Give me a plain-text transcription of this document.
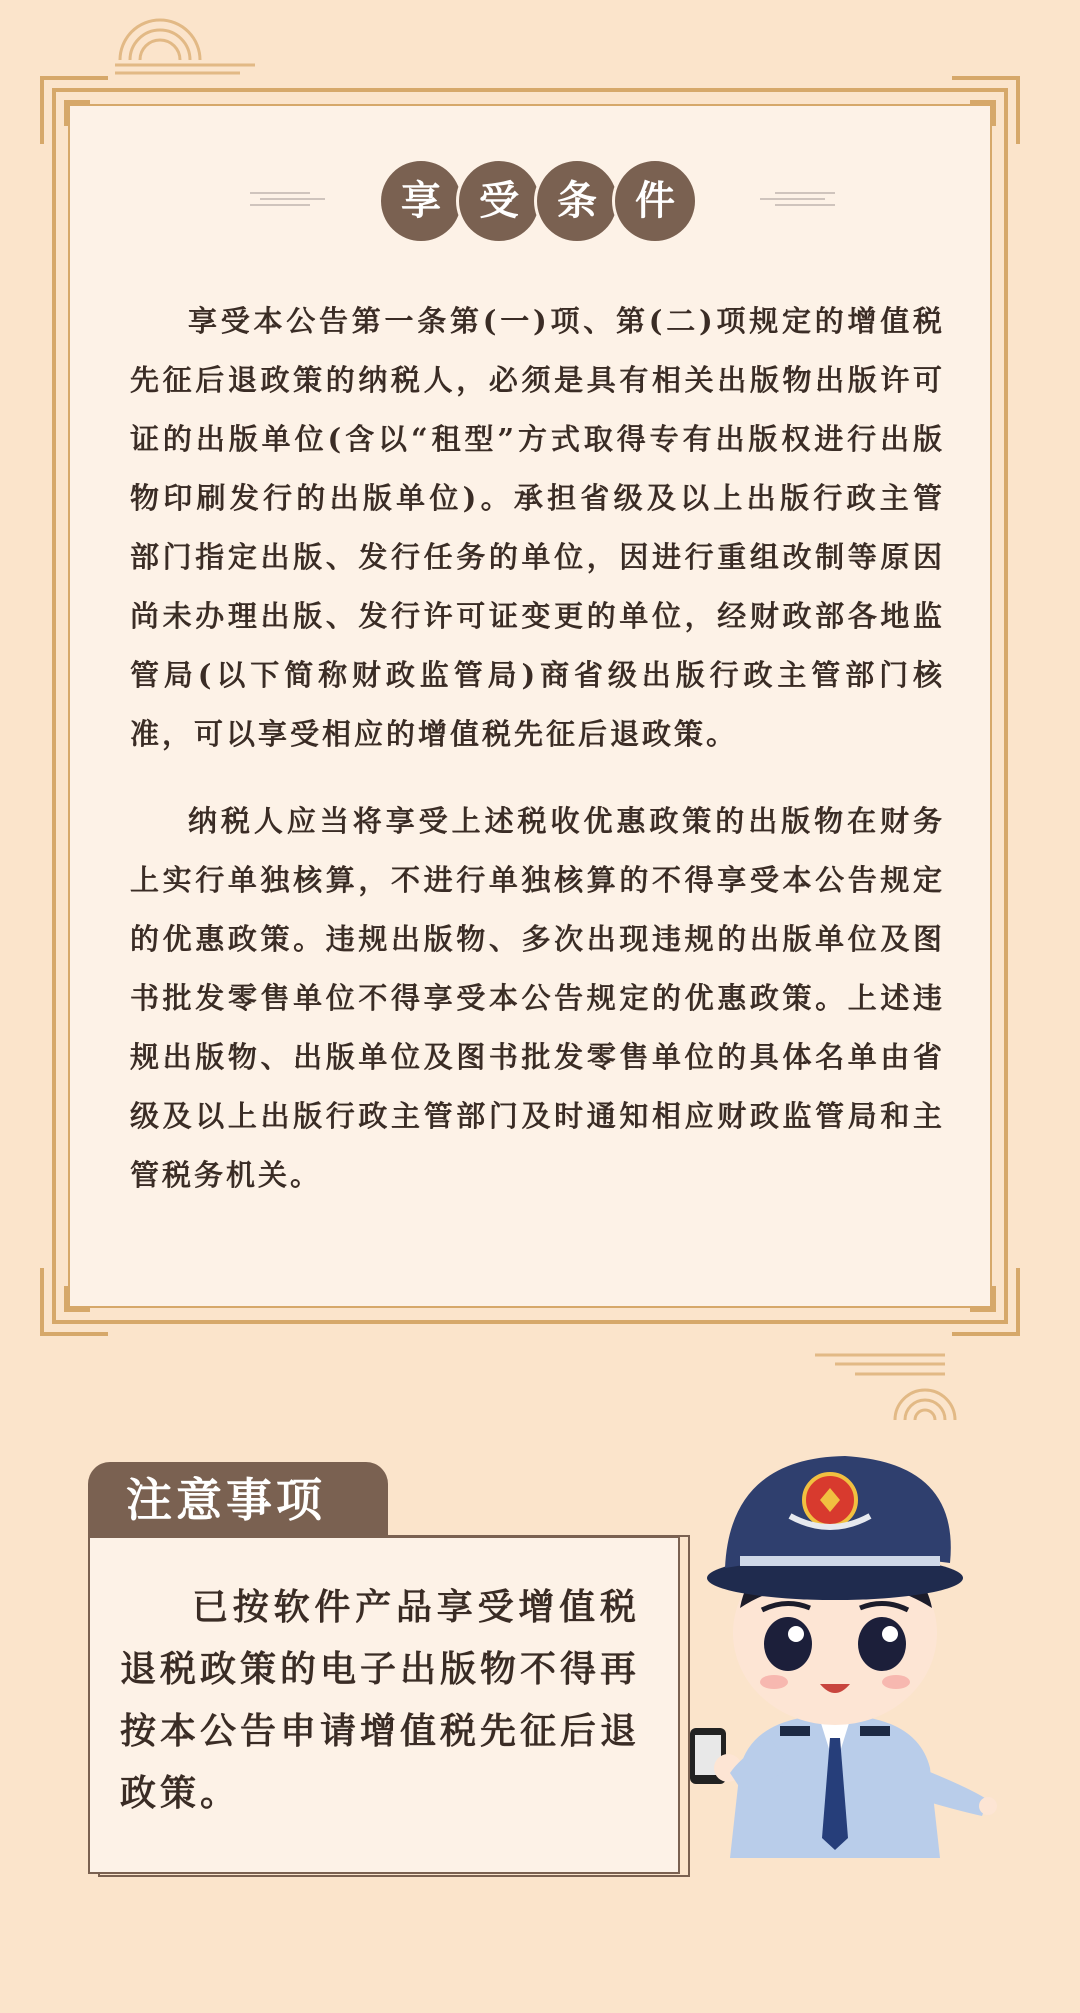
享 受 条 件
享受本公告第一条第(一)项、第(二)项规定的增值税先征后退政策的纳税人，必须是具有相关出版物出版许可证的出版单位(含以“租型”方式取得专有出版权进行出版物印刷发行的出版单位)。承担省级及以上出版行政主管部门指定出版、发行任务的单位，因进行重组改制等原因尚未办理出版、发行许可证变更的单位，经财政部各地监管局(以下简称财政监管局)商省级出版行政主管部门核准，可以享受相应的增值税先征后退政策。
纳税人应当将享受上述税收优惠政策的出版物在财务上实行单独核算，不进行单独核算的不得享受本公告规定的优惠政策。违规出版物、多次出现违规的出版单位及图书批发零售单位不得享受本公告规定的优惠政策。上述违规出版物、出版单位及图书批发零售单位的具体名单由省级及以上出版行政主管部门及时通知相应财政监管局和主管税务机关。
注意事项
已按软件产品享受增值税退税政策的电子出版物不得再按本公告申请增值税先征后退政策。
